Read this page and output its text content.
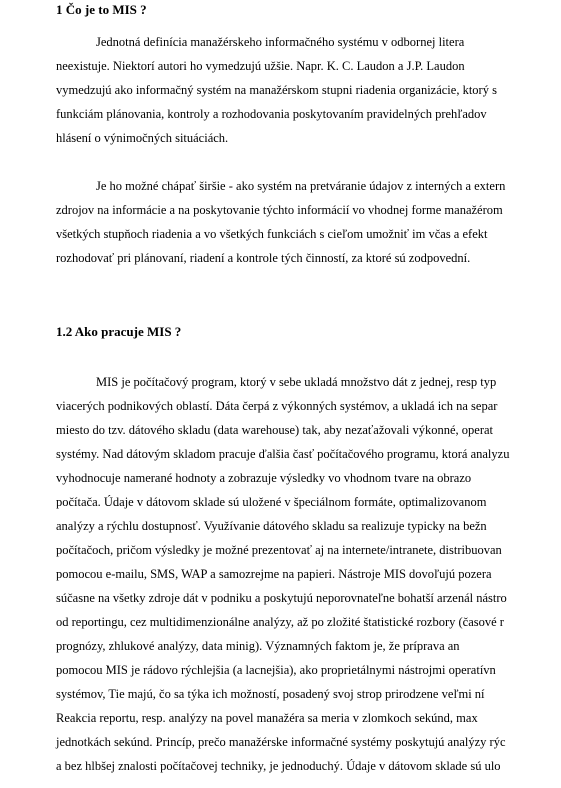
1 Čo je to MIS ?
Jednotná definícia manažérskeho informačného systému v odbornej litera
neexistuje. Niektorí autori ho vymedzujú užšie. Napr. K. C. Laudon a J.P. Laudon
vymedzujú ako informačný systém na manažérskom stupni riadenia organizácie, ktorý s
funkciám plánovania, kontroly a rozhodovania poskytovaním pravidelných prehľadov
hlásení o výnimočných situáciách.
Je ho možné chápať širšie - ako systém na pretváranie údajov z interných a extern
zdrojov na informácie a na poskytovanie týchto informácií vo vhodnej forme manažérom
všetkých stupňoch riadenia a vo všetkých funkciách s cieľom umožniť im včas a efekt
rozhodovať pri plánovaní, riadení a kontrole tých činností, za ktoré sú zodpovední.
1.2 Ako pracuje MIS ?
MIS je počítačový program, ktorý v sebe ukladá množstvo dát z jednej, resp typ
viacerých podnikových oblastí. Dáta čerpá z výkonných systémov, a ukladá ich na separ
miesto do tzv. dátového skladu (data warehouse) tak, aby nezaťažovali výkonné, operat
systémy. Nad dátovým skladom pracuje ďalšia časť počítačového programu, ktorá analyzu
vyhodnocuje namerané hodnoty a zobrazuje výsledky vo vhodnom tvare na obrazo
počítača. Údaje v dátovom sklade sú uložené v špeciálnom formáte, optimalizovanom
analýzy a rýchlu dostupnosť. Využívanie dátového skladu sa realizuje typicky na bežn
počítačoch, pričom výsledky je možné prezentovať aj na internete/intranete, distribuovan
pomocou e-mailu, SMS, WAP a samozrejme na papieri. Nástroje MIS dovoľujú pozera
súčasne na všetky zdroje dát v podniku a poskytujú neporovnateľne bohatší arzenál nástro
od reportingu, cez multidimenzionálne analýzy, až po zložité štatistické rozbory (časové r
prognózy, zhlukové analýzy, data minig). Významných faktom je, že príprava an
pomocou MIS je rádovo rýchlejšia (a lacnejšia), ako proprietálnymi nástrojmi operatívn
systémov, Tie majú, čo sa týka ich možností, posadený svoj strop prirodzene veľmi ní
Reakcia reportu, resp. analýzy na povel manažéra sa meria v zlomkoch sekúnd, max
jednotkách sekúnd. Princíp, prečo manažérske informačné systémy poskytujú analýzy rýc
a bez hlbšej znalosti počítačovej techniky, je jednoduchý. Údaje v dátovom sklade sú ulo
